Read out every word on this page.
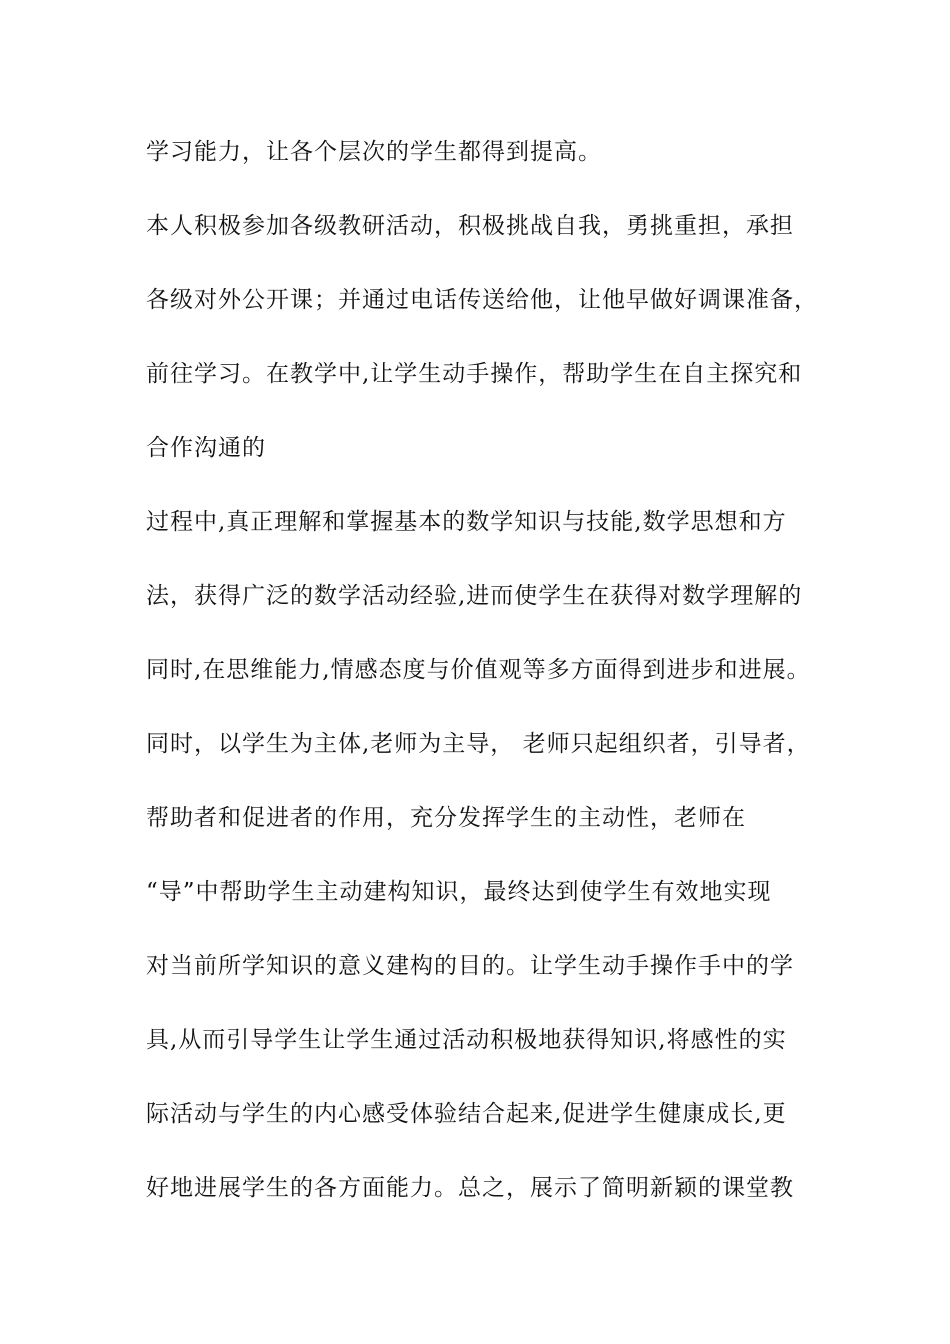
学习能力，让各个层次的学生都得到提高。
本人积极参加各级教研活动，积极挑战自我，勇挑重担，承担
各级对外公开课；并通过电话传送给他，让他早做好调课准备，
前往学习。在教学中,让学生动手操作，帮助学生在自主探究和
合作沟通的
过程中,真正理解和掌握基本的数学知识与技能,数学思想和方
法，获得广泛的数学活动经验,进而使学生在获得对数学理解的
同时,在思维能力,情感态度与价值观等多方面得到进步和进展。
同时，以学生为主体,老师为主导， 老师只起组织者，引导者，
帮助者和促进者的作用，充分发挥学生的主动性，老师在
“导”中帮助学生主动建构知识，最终达到使学生有效地实现
对当前所学知识的意义建构的目的。让学生动手操作手中的学
具,从而引导学生让学生通过活动积极地获得知识,将感性的实
际活动与学生的内心感受体验结合起来,促进学生健康成长,更
好地进展学生的各方面能力。总之，展示了简明新颖的课堂教
